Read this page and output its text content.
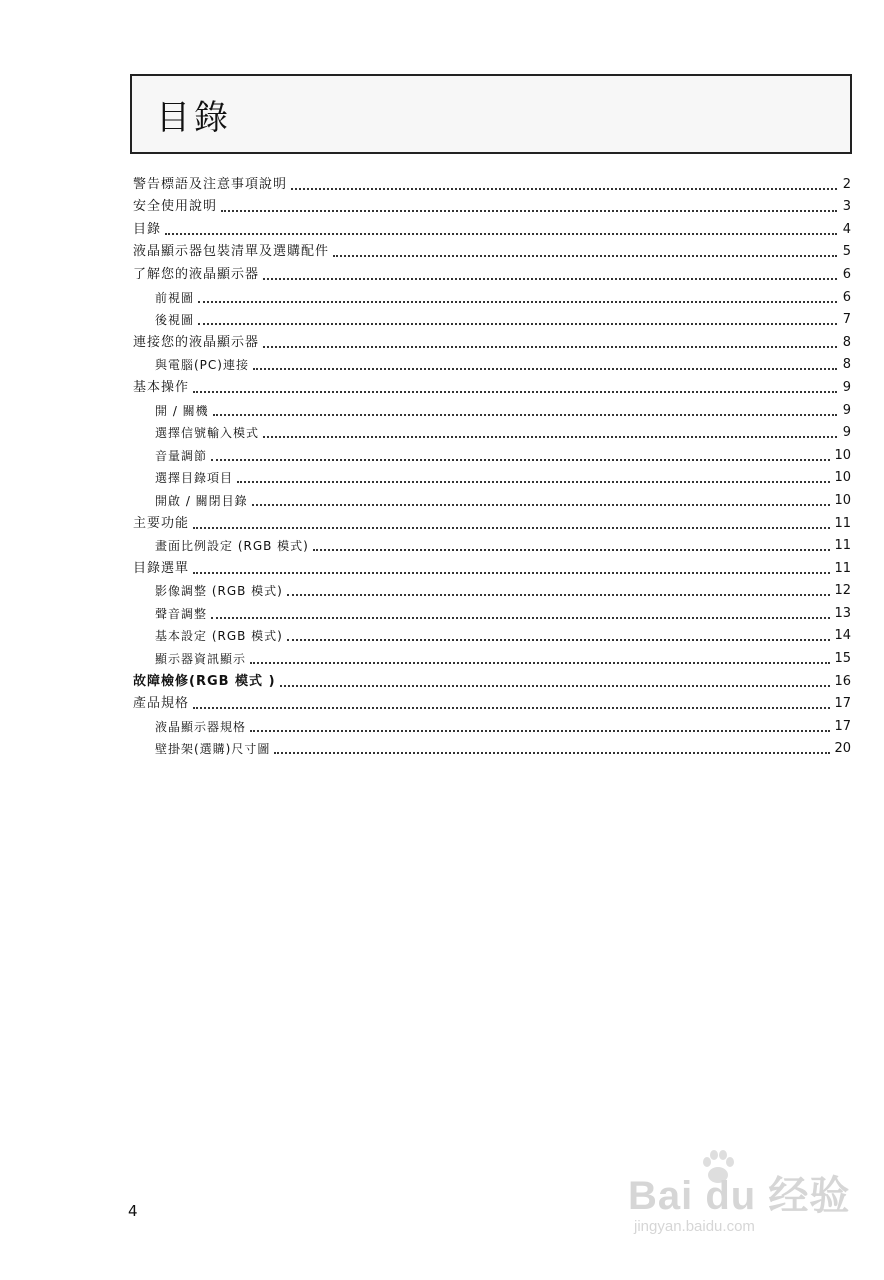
目錄
警告標語及注意事項說明	2
安全使用說明	3
目錄	4
液晶顯示器包裝清單及選購配件	5
了解您的液晶顯示器	6
前視圖	6
後視圖	7
連接您的液晶顯示器	8
與電腦(PC)連接	8
基本操作	9
開 / 關機	9
選擇信號輸入模式	9
音量調節	10
選擇目錄項目	10
開啟 / 關閉目錄	10
主要功能	11
畫面比例設定 (RGB 模式)	11
目錄選單	11
影像調整 (RGB 模式)	12
聲音調整	13
基本設定 (RGB 模式)	14
顯示器資訊顯示	15
故障檢修(RGB 模式 )	16
產品規格	17
液晶顯示器規格	17
壁掛架(選購)尺寸圖	20
4	Bai du 经验
jingyan.baidu.com
